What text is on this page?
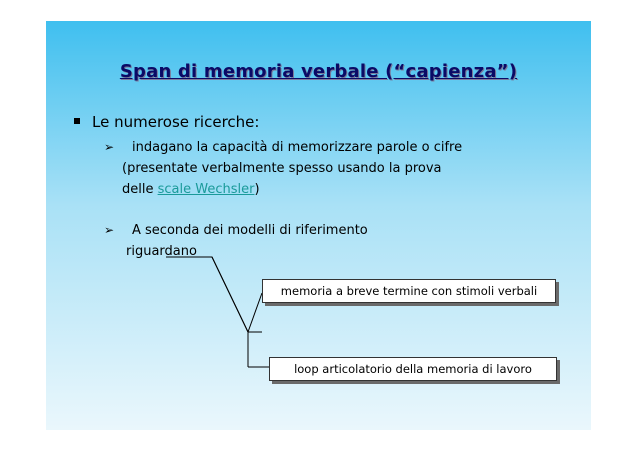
Span di memoria verbale (“capienza”)
Le numerose ricerche:
➢ indagano la capacità di memorizzare parole o cifre
(presentate verbalmente spesso usando la prova
delle scale Wechsler)
➢ A seconda dei modelli di riferimento
riguardano
memoria a breve termine con stimoli verbali
loop articolatorio della memoria di lavoro
